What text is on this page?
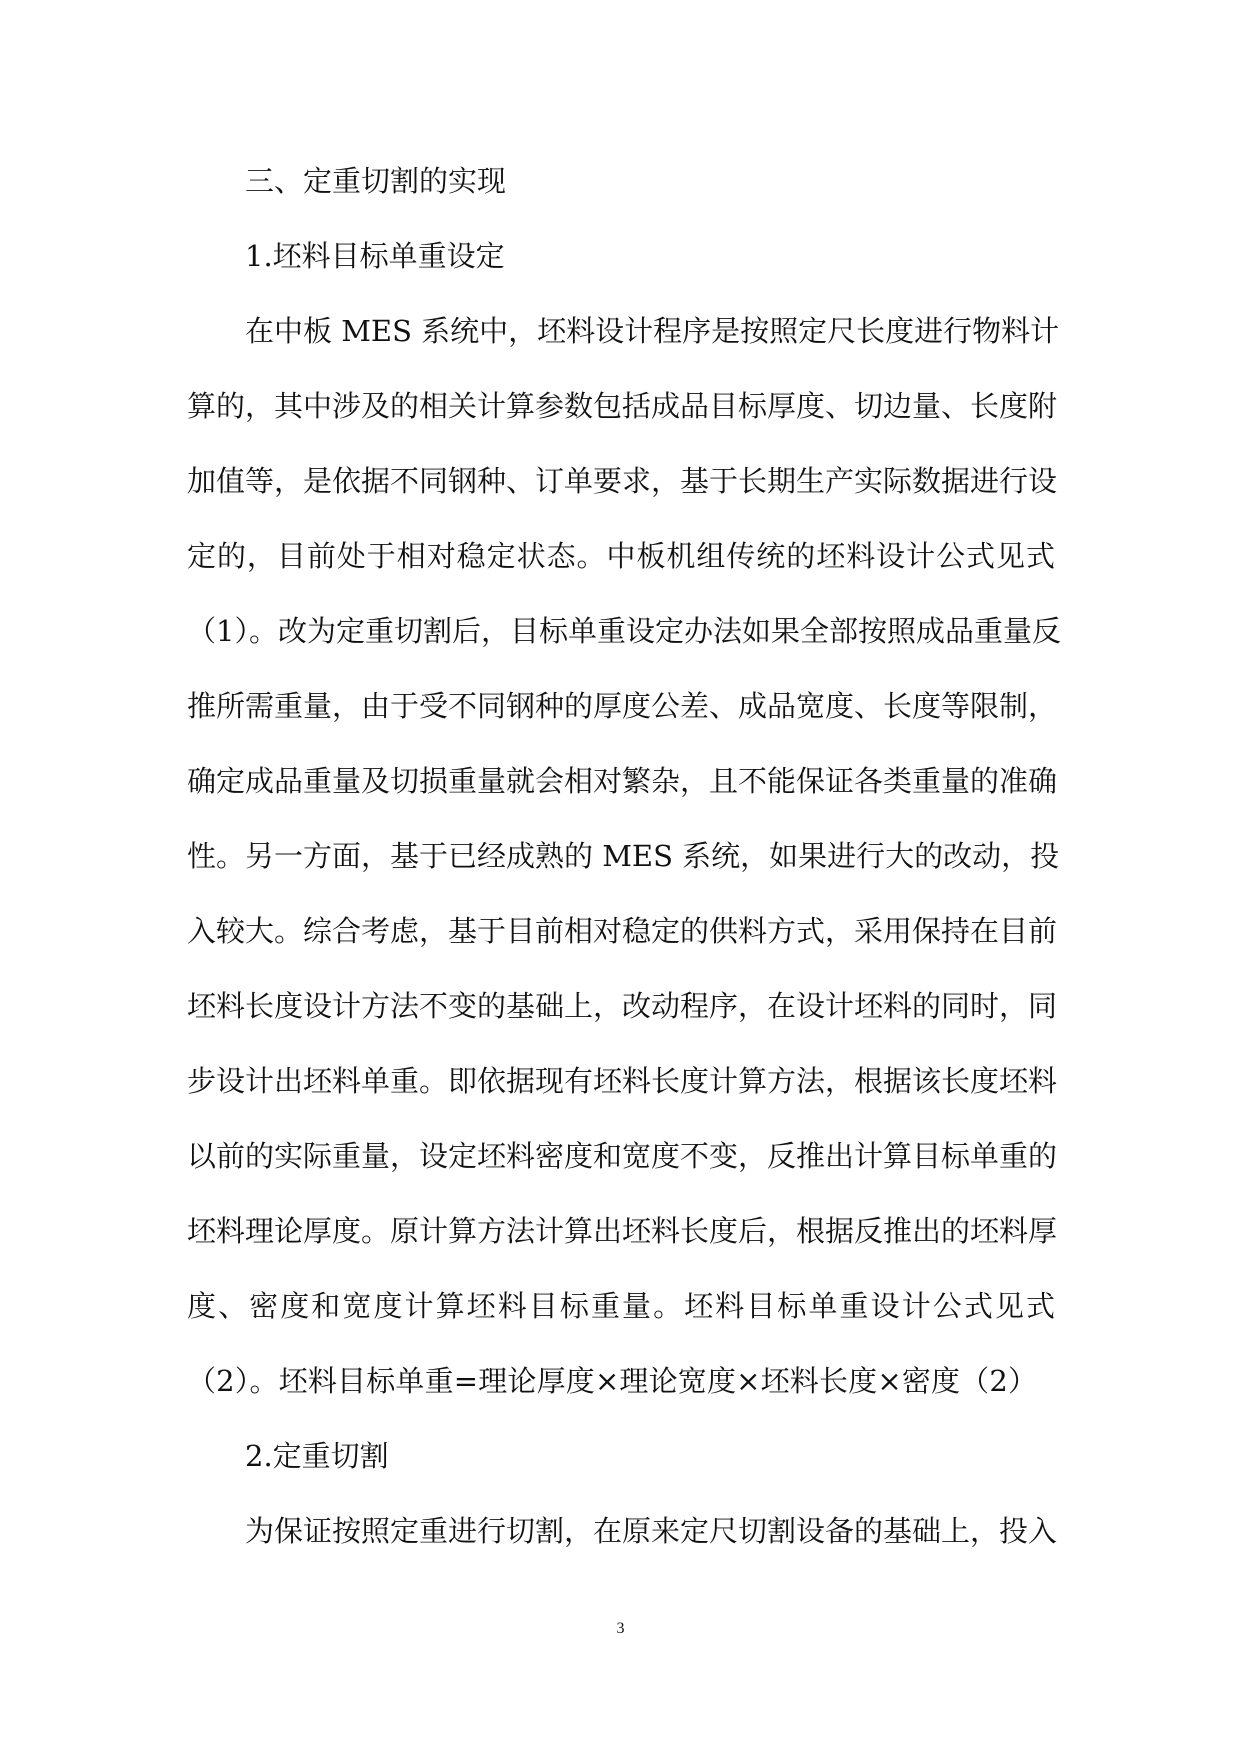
三、定重切割的实现
1.坯料目标单重设定
在中板 MES 系统中，坯料设计程序是按照定尺长度进行物料计
算的，其中涉及的相关计算参数包括成品目标厚度、切边量、长度附
加值等，是依据不同钢种、订单要求，基于长期生产实际数据进行设
定的，目前处于相对稳定状态。中板机组传统的坯料设计公式见式
（1）。改为定重切割后，目标单重设定办法如果全部按照成品重量反
推所需重量，由于受不同钢种的厚度公差、成品宽度、长度等限制，
确定成品重量及切损重量就会相对繁杂，且不能保证各类重量的准确
性。另一方面，基于已经成熟的 MES 系统，如果进行大的改动，投
入较大。综合考虑，基于目前相对稳定的供料方式，采用保持在目前
坯料长度设计方法不变的基础上，改动程序，在设计坯料的同时，同
步设计出坯料单重。即依据现有坯料长度计算方法，根据该长度坯料
以前的实际重量，设定坯料密度和宽度不变，反推出计算目标单重的
坯料理论厚度。原计算方法计算出坯料长度后，根据反推出的坯料厚
度、密度和宽度计算坯料目标重量。坯料目标单重设计公式见式
（2）。坯料目标单重=理论厚度×理论宽度×坯料长度×密度（2）
2.定重切割
为保证按照定重进行切割，在原来定尺切割设备的基础上，投入
3
